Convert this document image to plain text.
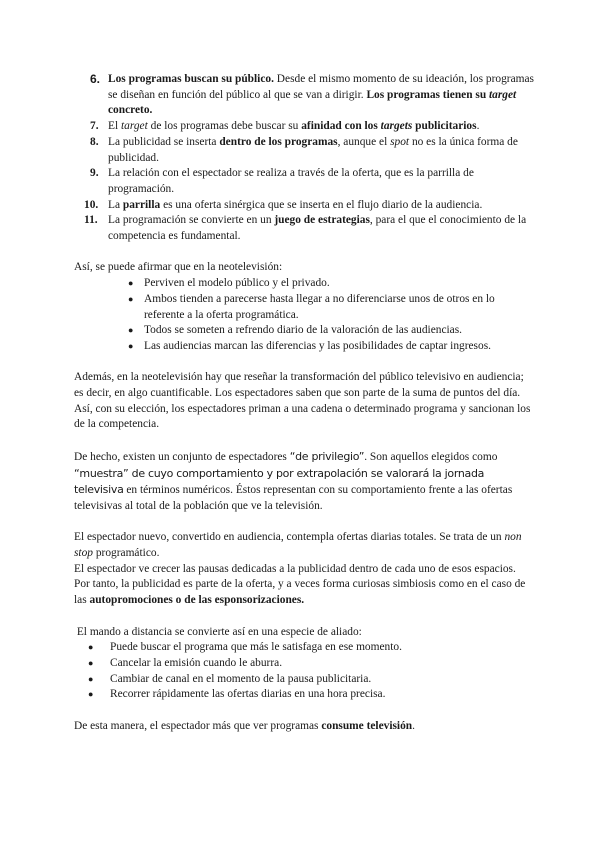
6. Los programas buscan su público. Desde el mismo momento de su ideación, los programas se diseñan en función del público al que se van a dirigir. Los programas tienen su target concreto.
7. El target de los programas debe buscar su afinidad con los targets publicitarios.
8. La publicidad se inserta dentro de los programas, aunque el spot no es la única forma de publicidad.
9. La relación con el espectador se realiza a través de la oferta, que es la parrilla de programación.
10. La parrilla es una oferta sinérgica que se inserta en el flujo diario de la audiencia.
11. La programación se convierte en un juego de estrategias, para el que el conocimiento de la competencia es fundamental.

Así, se puede afirmar que en la neotelevisión:

● Perviven el modelo público y el privado.
● Ambos tienden a parecerse hasta llegar a no diferenciarse unos de otros en lo referente a la oferta programática.
● Todos se someten a refrendo diario de la valoración de las audiencias.
● Las audiencias marcan las diferencias y las posibilidades de captar ingresos.

Además, en la neotelevisión hay que reseñar la transformación del público televisivo en audiencia; es decir, en algo cuantificable. Los espectadores saben que son parte de la suma de puntos del día. Así, con su elección, los espectadores priman a una cadena o determinado programa y sancionan los de la competencia.

De hecho, existen un conjunto de espectadores “de privilegio”. Son aquellos elegidos como “muestra” de cuyo comportamiento y por extrapolación se valorará la jornada televisiva en términos numéricos. Éstos representan con su comportamiento frente a las ofertas televisivas al total de la población que ve la televisión.

El espectador nuevo, convertido en audiencia, contempla ofertas diarias totales. Se trata de un non stop programático.

El espectador ve crecer las pausas dedicadas a la publicidad dentro de cada uno de esos espacios. Por tanto, la publicidad es parte de la oferta, y a veces forma curiosas simbiosis como en el caso de las autopromociones o de las esponsorizaciones.

El mando a distancia se convierte así en una especie de aliado:

● Puede buscar el programa que más le satisfaga en ese momento.
● Cancelar la emisión cuando le aburra.
● Cambiar de canal en el momento de la pausa publicitaria.
● Recorrer rápidamente las ofertas diarias en una hora precisa.

De esta manera, el espectador más que ver programas consume televisión.
